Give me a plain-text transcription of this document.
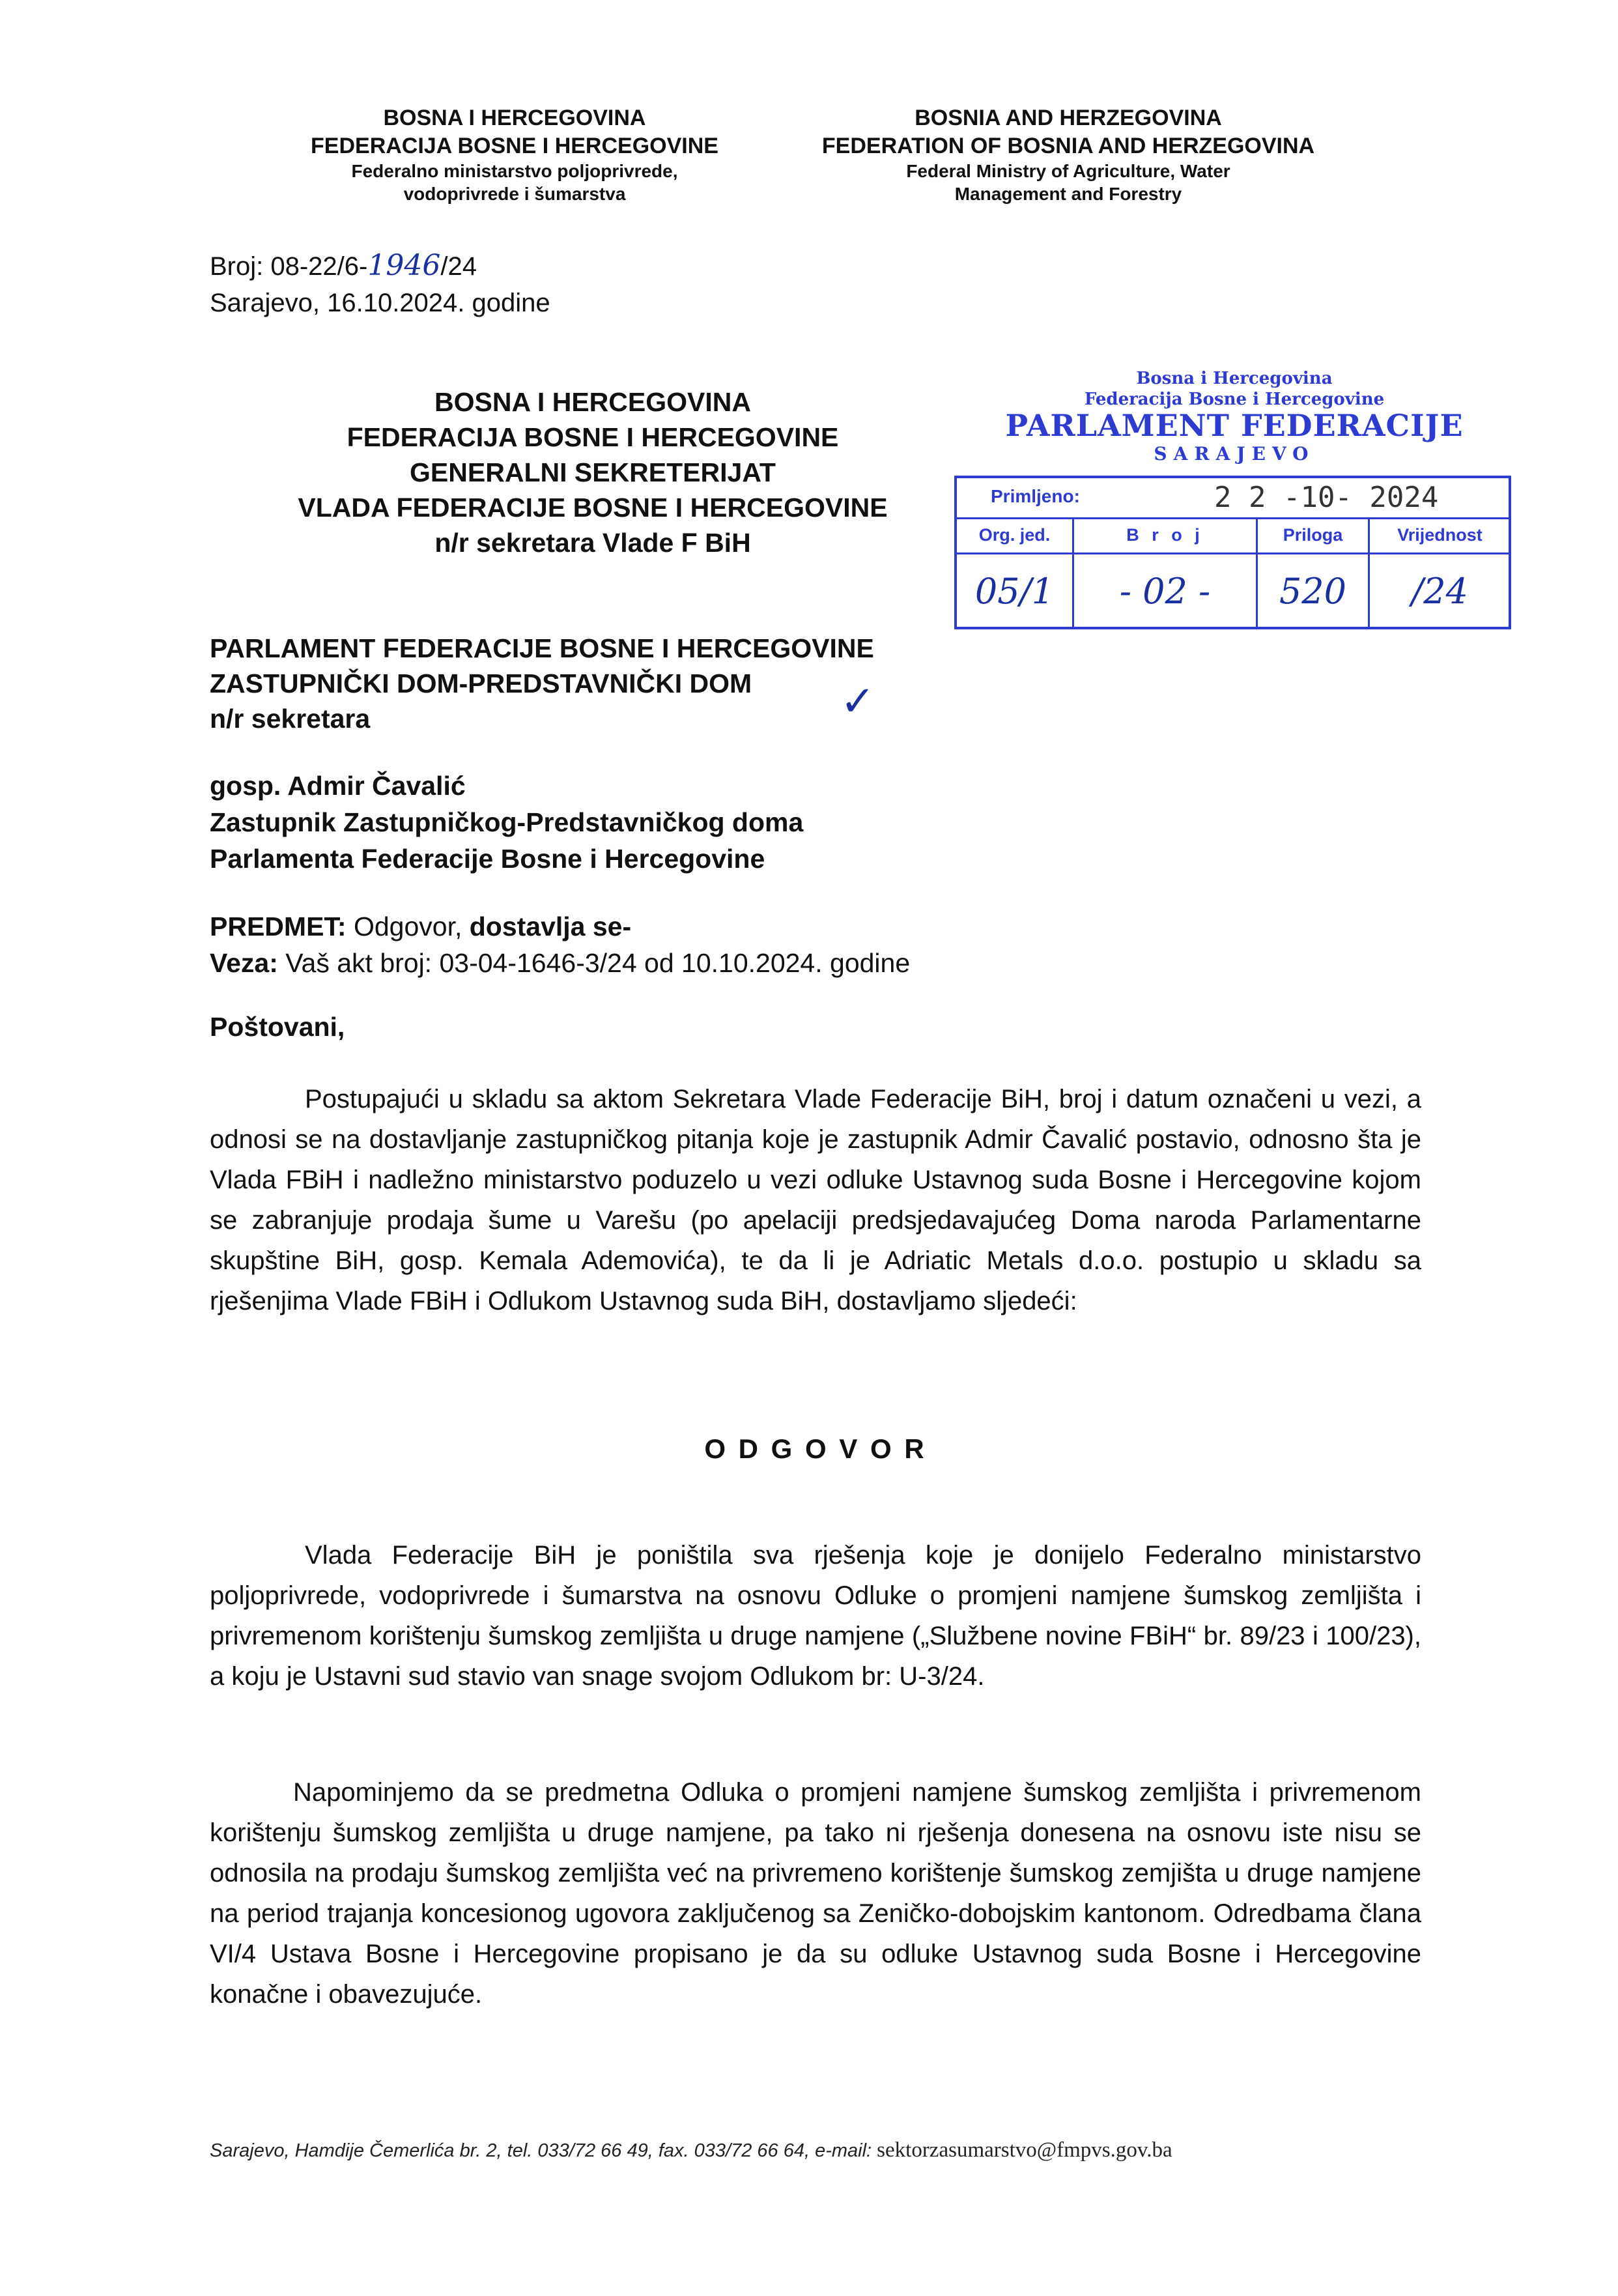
BOSNA I HERCEGOVINA
FEDERACIJA BOSNE I HERCEGOVINE
Federalno ministarstvo poljoprivrede,
vodoprivrede i šumarstva
BOSNIA AND HERZEGOVINA
FEDERATION OF BOSNIA AND HERZEGOVINA
Federal Ministry of Agriculture, Water
Management and Forestry
Broj: 08-22/6-1946/24
Sarajevo, 16.10.2024. godine
BOSNA I HERCEGOVINA
FEDERACIJA BOSNE I HERCEGOVINE
GENERALNI SEKRETERIJAT
VLADA FEDERACIJE BOSNE I HERCEGOVINE
n/r sekretara Vlade F BiH
Bosna i Hercegovina
Federacija Bosne i Hercegovine
PARLAMENT FEDERACIJE
SARAJEVO
Primljeno:	2 2 -10- 2024
Org. jed.	B r o j	Priloga	Vrijednost
05/1	- 02 -	520	/24
PARLAMENT FEDERACIJE BOSNE I HERCEGOVINE
ZASTUPNIČKI DOM-PREDSTAVNIČKI DOM
n/r sekretara	✓
gosp. Admir Čavalić
Zastupnik Zastupničkog-Predstavničkog doma
Parlamenta Federacije Bosne i Hercegovine
PREDMET: Odgovor, dostavlja se-
Veza: Vaš akt broj: 03-04-1646-3/24 od 10.10.2024. godine
Poštovani,
Postupajući u skladu sa aktom Sekretara Vlade Federacije BiH, broj i datum označeni u vezi, a odnosi se na dostavljanje zastupničkog pitanja koje je zastupnik Admir Čavalić postavio, odnosno šta je Vlada FBiH i nadležno ministarstvo poduzelo u vezi odluke Ustavnog suda Bosne i Hercegovine kojom se zabranjuje prodaja šume u Varešu (po apelaciji predsjedavajućeg Doma naroda Parlamentarne skupštine BiH, gosp. Kemala Ademovića), te da li je Adriatic Metals d.o.o. postupio u skladu sa rješenjima Vlade FBiH i Odlukom Ustavnog suda BiH, dostavljamo sljedeći:
O D G O V O R
Vlada Federacije BiH je poništila sva rješenja koje je donijelo Federalno ministarstvo poljoprivrede, vodoprivrede i šumarstva na osnovu Odluke o promjeni namjene šumskog zemljišta i privremenom korištenju šumskog zemljišta u druge namjene („Službene novine FBiH“ br. 89/23 i 100/23), a koju je Ustavni sud stavio van snage svojom Odlukom br: U-3/24.
Napominjemo da se predmetna Odluka o promjeni namjene šumskog zemljišta i privremenom korištenju šumskog zemljišta u druge namjene, pa tako ni rješenja donesena na osnovu iste nisu se odnosila na prodaju šumskog zemljišta već na privremeno korištenje šumskog zemjišta u druge namjene na period trajanja koncesionog ugovora zaključenog sa Zeničko-dobojskim kantonom. Odredbama člana VI/4 Ustava Bosne i Hercegovine propisano je da su odluke Ustavnog suda Bosne i Hercegovine konačne i obavezujuće.
Sarajevo, Hamdije Čemerlića br. 2, tel. 033/72 66 49, fax. 033/72 66 64, e-mail: sektorzasumarstvo@fmpvs.gov.ba
